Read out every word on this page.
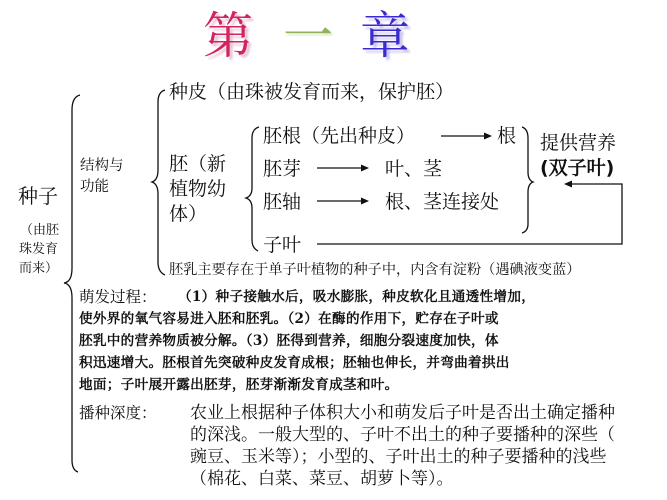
第 一 章
种子
（由胚
珠发育
而来）
结构与
功能
种皮（由珠被发育而来，保护胚）
胚（新
植物幼
体）
胚根（先出种皮）	根
胚芽	叶、茎
胚轴	根、茎连接处
子叶
提供营养
(双子叶)
胚乳主要存在于单子叶植物的种子中，内含有淀粉（遇碘液变蓝）
萌发过程： （1）种子接触水后，吸水膨胀，种皮软化且通透性增加，
使外界的氧气容易进入胚和胚乳。（2）在酶的作用下，贮存在子叶或
胚乳中的营养物质被分解。（3）胚得到营养，细胞分裂速度加快，体
积迅速增大。胚根首先突破种皮发育成根；胚轴也伸长，并弯曲着拱出
地面；子叶展开露出胚芽，胚芽渐渐发育成茎和叶。
播种深度： 农业上根据种子体积大小和萌发后子叶是否出土确定播种
的深浅。一般大型的、子叶不出土的种子要播种的深些（
豌豆、玉米等）；小型的、子叶出土的种子要播种的浅些
（棉花、白菜、菜豆、胡萝卜等）。
